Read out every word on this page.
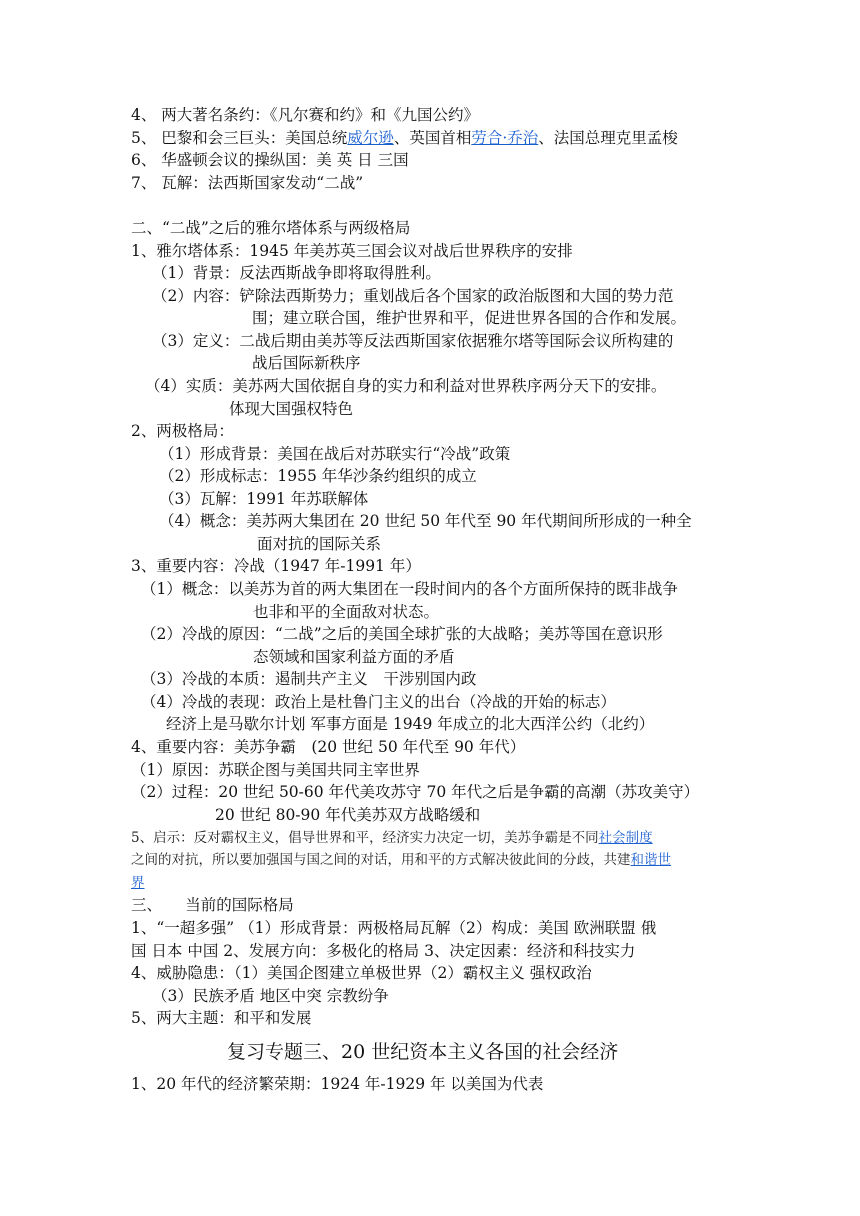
4、 两大著名条约：《凡尔赛和约》和《九国公约》
5、 巴黎和会三巨头：美国总统威尔逊、英国首相劳合·乔治、法国总理克里孟梭
6、 华盛顿会议的操纵国：美 英 日 三国
7、 瓦解：法西斯国家发动“二战”
二、“二战”之后的雅尔塔体系与两级格局
1、雅尔塔体系：1945 年美苏英三国会议对战后世界秩序的安排
（1）背景：反法西斯战争即将取得胜利。
（2）内容：铲除法西斯势力；重划战后各个国家的政治版图和大国的势力范
围；建立联合国，维护世界和平，促进世界各国的合作和发展。
（3）定义：二战后期由美苏等反法西斯国家依据雅尔塔等国际会议所构建的
战后国际新秩序
（4）实质：美苏两大国依据自身的实力和利益对世界秩序两分天下的安排。
体现大国强权特色
2、两极格局：
（1）形成背景：美国在战后对苏联实行“冷战”政策
（2）形成标志：1955 年华沙条约组织的成立
（3）瓦解：1991 年苏联解体
（4）概念：美苏两大集团在 20 世纪 50 年代至 90 年代期间所形成的一种全
面对抗的国际关系
3、重要内容：冷战（1947 年-1991 年）
（1）概念：以美苏为首的两大集团在一段时间内的各个方面所保持的既非战争
也非和平的全面敌对状态。
（2）冷战的原因：“二战”之后的美国全球扩张的大战略；美苏等国在意识形
态领域和国家利益方面的矛盾
（3）冷战的本质：遏制共产主义　干涉别国内政
（4）冷战的表现：政治上是杜鲁门主义的出台（冷战的开始的标志）
经济上是马歇尔计划 军事方面是 1949 年成立的北大西洋公约（北约）
4、重要内容：美苏争霸　(20 世纪 50 年代至 90 年代）
（1）原因：苏联企图与美国共同主宰世界
（2）过程：20 世纪 50-60 年代美攻苏守 70 年代之后是争霸的高潮（苏攻美守）
20 世纪 80-90 年代美苏双方战略缓和
5、启示：反对霸权主义，倡导世界和平，经济实力决定一切，美苏争霸是不同社会制度
之间的对抗，所以要加强国与国之间的对话，用和平的方式解决彼此间的分歧，共建和谐世
界
三、　　当前的国际格局
1、“一超多强” （1）形成背景：两极格局瓦解（2）构成：美国 欧洲联盟 俄
国 日本 中国 2、发展方向：多极化的格局 3、决定因素：经济和科技实力
4、威胁隐患：（1）美国企图建立单极世界（2）霸权主义 强权政治
（3）民族矛盾 地区中突 宗教纷争
5、两大主题：和平和发展
复习专题三、20 世纪资本主义各国的社会经济
1、20 年代的经济繁荣期：1924 年-1929 年 以美国为代表
